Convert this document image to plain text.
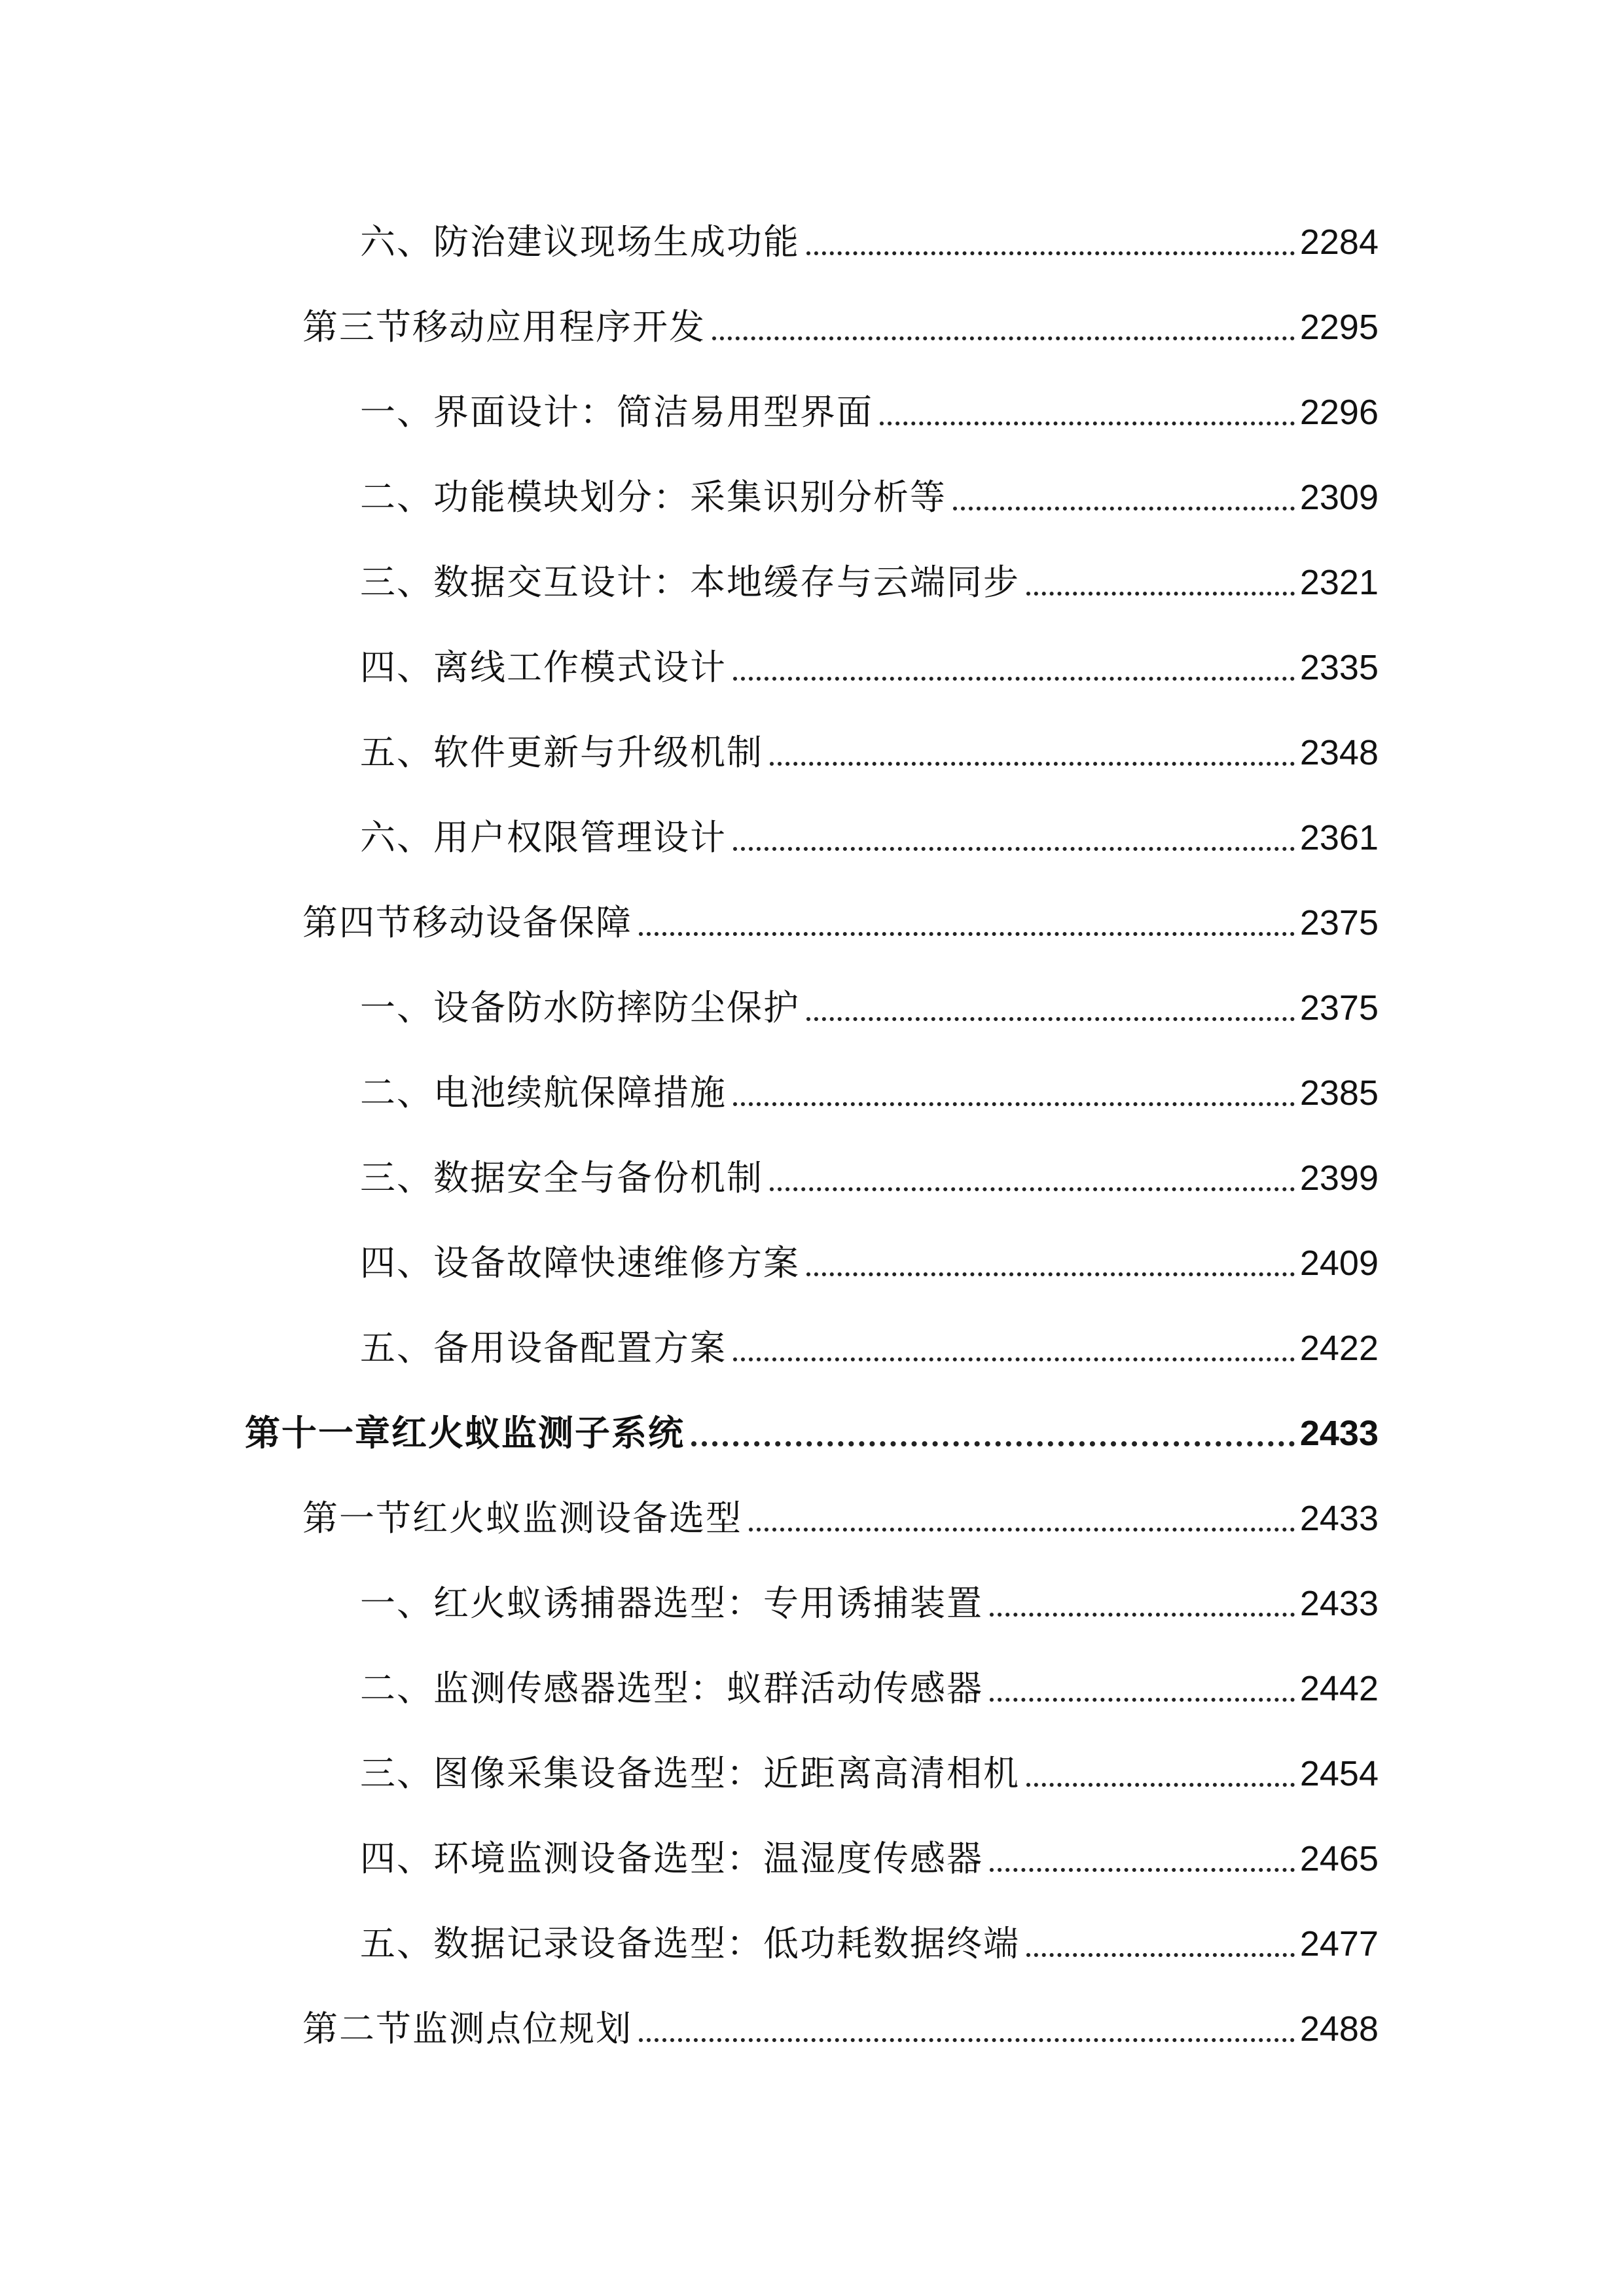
六、防治建议现场生成功能	2284
第三节移动应用程序开发	2295
一、界面设计：简洁易用型界面	2296
二、功能模块划分：采集识别分析等	2309
三、数据交互设计：本地缓存与云端同步	2321
四、离线工作模式设计	2335
五、软件更新与升级机制	2348
六、用户权限管理设计	2361
第四节移动设备保障	2375
一、设备防水防摔防尘保护	2375
二、电池续航保障措施	2385
三、数据安全与备份机制	2399
四、设备故障快速维修方案	2409
五、备用设备配置方案	2422
第十一章红火蚁监测子系统	2433
第一节红火蚁监测设备选型	2433
一、红火蚁诱捕器选型：专用诱捕装置	2433
二、监测传感器选型：蚁群活动传感器	2442
三、图像采集设备选型：近距离高清相机	2454
四、环境监测设备选型：温湿度传感器	2465
五、数据记录设备选型：低功耗数据终端	2477
第二节监测点位规划	2488
